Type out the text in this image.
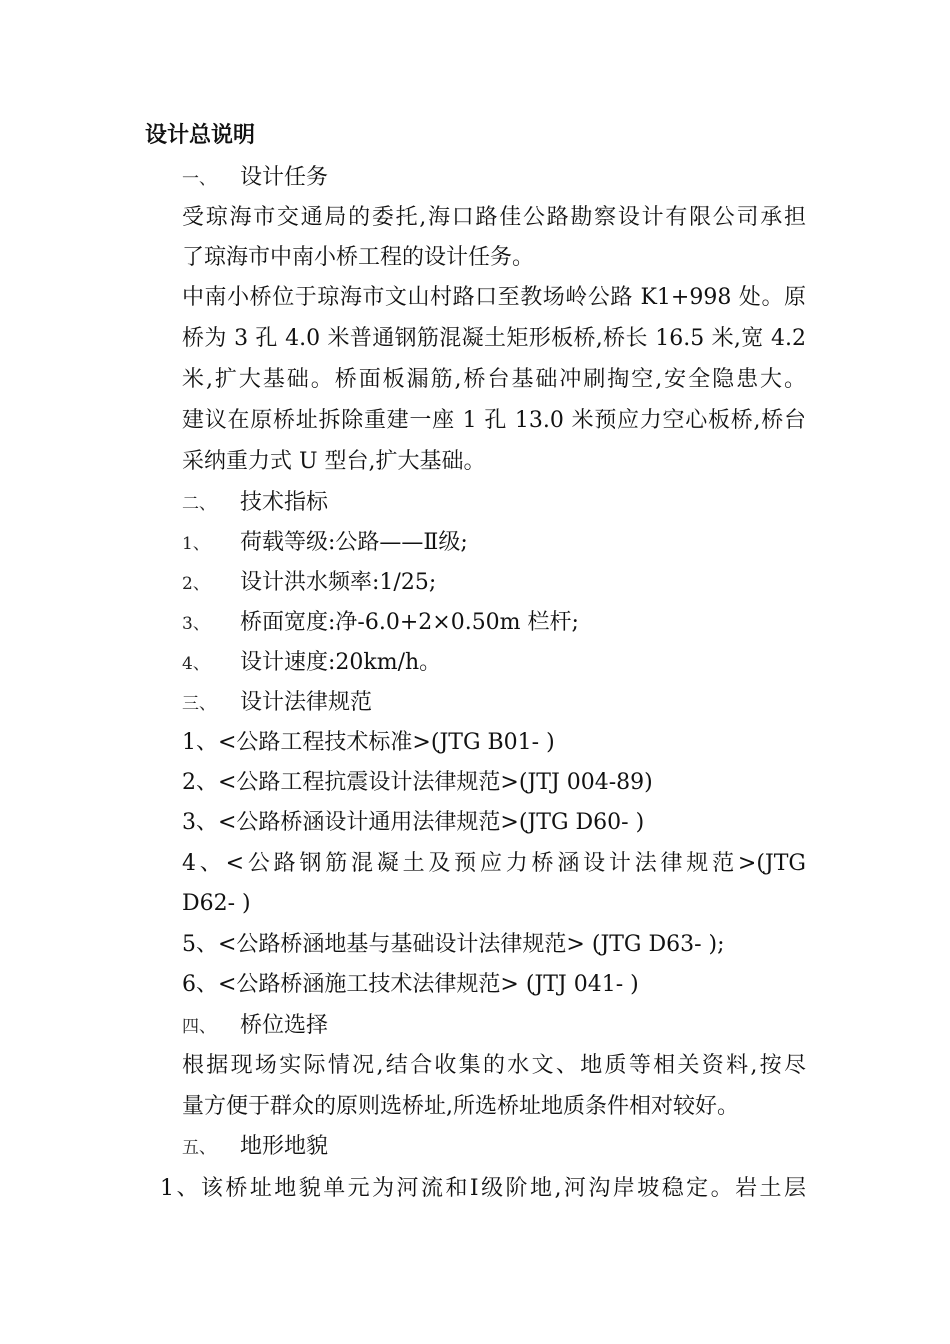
设计总说明
一、 设计任务
受琼海市交通局的委托,海口路佳公路勘察设计有限公司承担
了琼海市中南小桥工程的设计任务。
中南小桥位于琼海市文山村路口至教场岭公路 K1+998 处。原
桥为 3 孔 4.0 米普通钢筋混凝土矩形板桥,桥长 16.5 米,宽 4.2
米,扩大基础。桥面板漏筋,桥台基础冲刷掏空,安全隐患大。
建议在原桥址拆除重建一座 1 孔 13.0 米预应力空心板桥,桥台
采纳重力式 U 型台,扩大基础。
二、 技术指标
1、 荷载等级:公路——Ⅱ级;
2、 设计洪水频率:1/25;
3、 桥面宽度:净-6.0+2×0.50m 栏杆;
4、 设计速度:20km/h。
三、 设计法律规范
1、<公路工程技术标准>(JTG B01- )
2、<公路工程抗震设计法律规范>(JTJ 004-89)
3、<公路桥涵设计通用法律规范>(JTG D60- )
4、<公路钢筋混凝土及预应力桥涵设计法律规范>(JTG
D62- )
5、<公路桥涵地基与基础设计法律规范> (JTG D63- );
6、<公路桥涵施工技术法律规范> (JTJ 041- )
四、 桥位选择
根据现场实际情况,结合收集的水文、地质等相关资料,按尽
量方便于群众的原则选桥址,所选桥址地质条件相对较好。
五、 地形地貌
1、该桥址地貌单元为河流和Ⅰ级阶地,河沟岸坡稳定。岩土层
